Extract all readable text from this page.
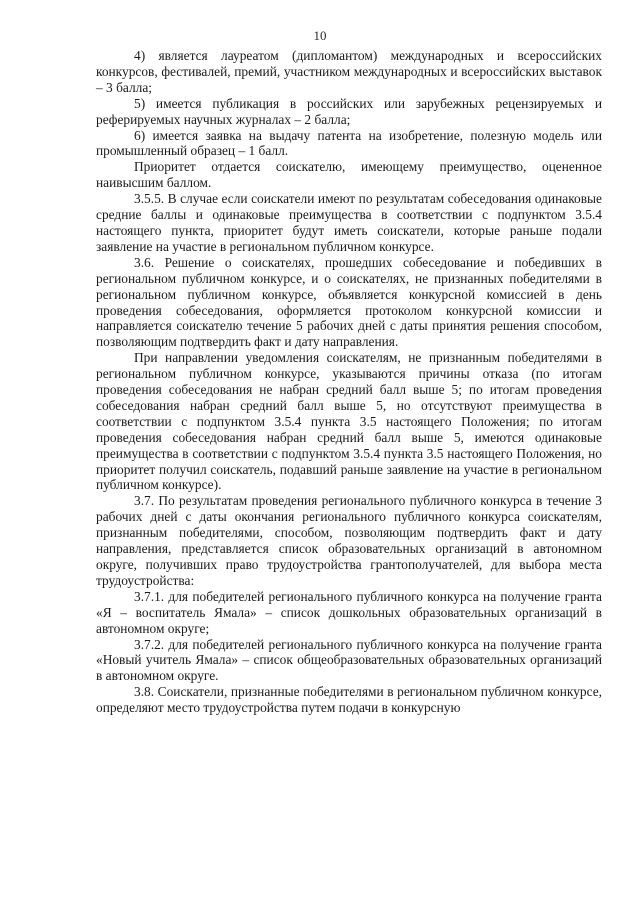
10

4) является лауреатом (дипломантом) международных и всероссийских конкурсов, фестивалей, премий, участником международных и всероссийских выставок – 3 балла;

5) имеется публикация в российских или зарубежных рецензируемых и реферируемых научных журналах – 2 балла;

6) имеется заявка на выдачу патента на изобретение, полезную модель или промышленный образец – 1 балл.

Приоритет отдается соискателю, имеющему преимущество, оцененное наивысшим баллом.

3.5.5. В случае если соискатели имеют по результатам собеседования одинаковые средние баллы и одинаковые преимущества в соответствии с подпунктом 3.5.4 настоящего пункта, приоритет будут иметь соискатели, которые раньше подали заявление на участие в региональном публичном конкурсе.

3.6. Решение о соискателях, прошедших собеседование и победивших в региональном публичном конкурсе, и о соискателях, не признанных победителями в региональном публичном конкурсе, объявляется конкурсной комиссией в день проведения собеседования, оформляется протоколом конкурсной комиссии и направляется соискателю течение 5 рабочих дней с даты принятия решения способом, позволяющим подтвердить факт и дату направления.

При направлении уведомления соискателям, не признанным победителями в региональном публичном конкурсе, указываются причины отказа (по итогам проведения собеседования не набран средний балл выше 5; по итогам проведения собеседования набран средний балл выше 5, но отсутствуют преимущества в соответствии с подпунктом 3.5.4 пункта 3.5 настоящего Положения; по итогам проведения собеседования набран средний балл выше 5, имеются одинаковые преимущества в соответствии с подпунктом 3.5.4 пункта 3.5 настоящего Положения, но приоритет получил соискатель, подавший раньше заявление на участие в региональном публичном конкурсе).

3.7. По результатам проведения регионального публичного конкурса в течение 3 рабочих дней с даты окончания регионального публичного конкурса соискателям, признанным победителями, способом, позволяющим подтвердить факт и дату направления, представляется список образовательных организаций в автономном округе, получивших право трудоустройства грантополучателей, для выбора места трудоустройства:

3.7.1. для победителей регионального публичного конкурса на получение гранта «Я – воспитатель Ямала» – список дошкольных образовательных организаций в автономном округе;

3.7.2. для победителей регионального публичного конкурса на получение гранта «Новый учитель Ямала» – список общеобразовательных образовательных организаций в автономном округе.

3.8. Соискатели, признанные победителями в региональном публичном конкурсе, определяют место трудоустройства путем подачи в конкурсную
